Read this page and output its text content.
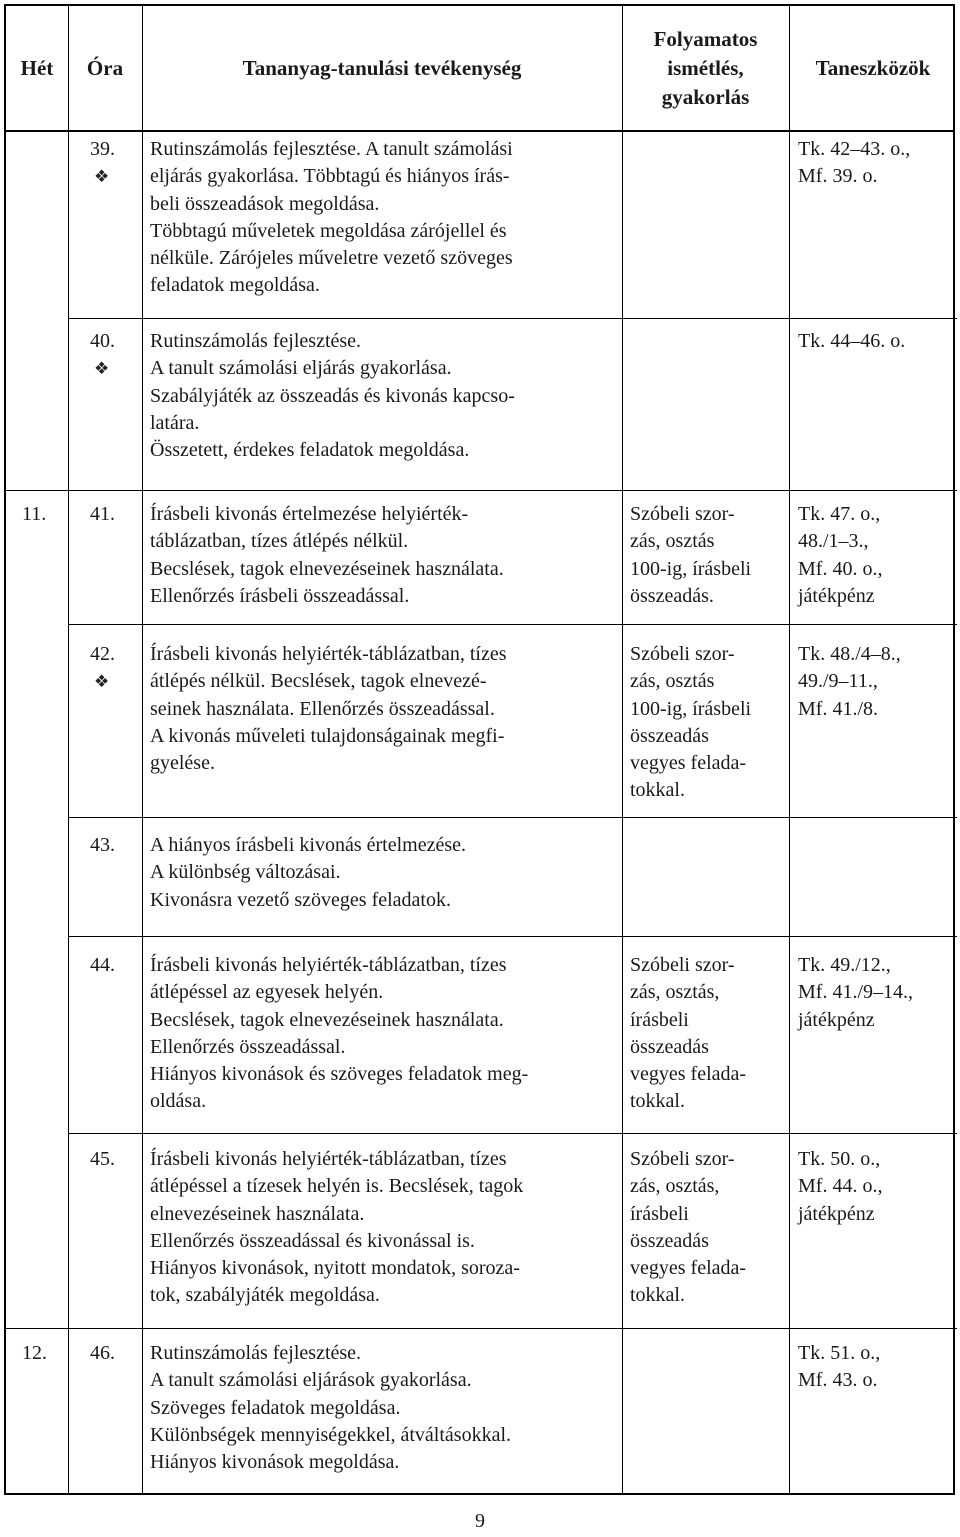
Hét	Óra	Tananyag-tanulási tevékenység
Folyamatos
ismétlés,
gyakorlás
Taneszközök
39.
❖
Rutinszámolás fejlesztése. A tanult számolási
eljárás gyakorlása. Többtagú és hiányos írás-
beli összeadások megoldása.
Többtagú műveletek megoldása zárójellel és
nélküle. Zárójeles műveletre vezető szöveges
feladatok megoldása.
Tk. 42–43. o.,
Mf. 39. o.
40.
❖
Rutinszámolás fejlesztése.
A tanult számolási eljárás gyakorlása.
Szabályjáték az összeadás és kivonás kapcso-
latára.
Összetett, érdekes feladatok megoldása.
Tk. 44–46. o.
11. 41. Írásbeli kivonás értelmezése helyiérték-
táblázatban, tízes átlépés nélkül.
Becslések, tagok elnevezéseinek használata.
Ellenőrzés írásbeli összeadással.
Szóbeli szor-
zás, osztás
100-ig, írásbeli
összeadás.
Tk. 47. o.,
48./1–3.,
Mf. 40. o.,
játékpénz
42.
❖
Írásbeli kivonás helyiérték-táblázatban, tízes
átlépés nélkül. Becslések, tagok elnevezé-
seinek használata. Ellenőrzés összeadással.
A kivonás műveleti tulajdonságainak megfi-
gyelése.
Szóbeli szor-
zás, osztás
100-ig, írásbeli
összeadás
vegyes felada-
tokkal.
Tk. 48./4–8.,
49./9–11.,
Mf. 41./8.
43. A hiányos írásbeli kivonás értelmezése.
A különbség változásai.
Kivonásra vezető szöveges feladatok.
44. Írásbeli kivonás helyiérték-táblázatban, tízes
átlépéssel az egyesek helyén.
Becslések, tagok elnevezéseinek használata.
Ellenőrzés összeadással.
Hiányos kivonások és szöveges feladatok meg-
oldása.
Szóbeli szor-
zás, osztás,
írásbeli
összeadás
vegyes felada-
tokkal.
Tk. 49./12.,
Mf. 41./9–14.,
játékpénz
45. Írásbeli kivonás helyiérték-táblázatban, tízes
átlépéssel a tízesek helyén is. Becslések, tagok
elnevezéseinek használata.
Ellenőrzés összeadással és kivonással is.
Hiányos kivonások, nyitott mondatok, soroza-
tok, szabályjáték megoldása.
Szóbeli szor-
zás, osztás,
írásbeli
összeadás
vegyes felada-
tokkal.
Tk. 50. o.,
Mf. 44. o.,
játékpénz
12. 46. Rutinszámolás fejlesztése.
A tanult számolási eljárások gyakorlása.
Szöveges feladatok megoldása.
Különbségek mennyiségekkel, átváltásokkal.
Hiányos kivonások megoldása.
Tk. 51. o.,
Mf. 43. o.
9
